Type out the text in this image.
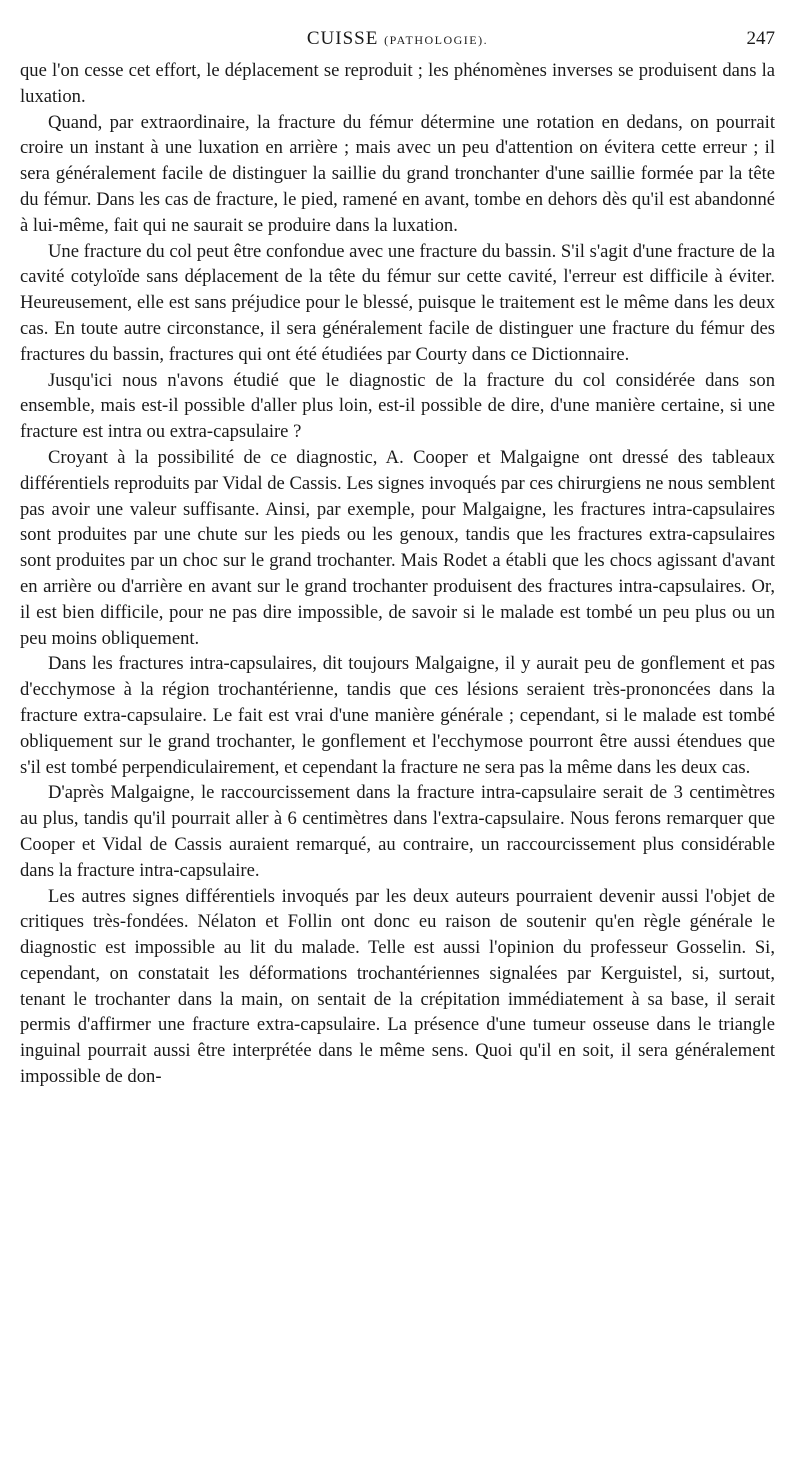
CUISSE (PATHOLOGIE).	247

que l'on cesse cet effort, le déplacement se reproduit ; les phénomènes inverses se produisent dans la luxation.

Quand, par extraordinaire, la fracture du fémur détermine une rotation en dedans, on pourrait croire un instant à une luxation en arrière ; mais avec un peu d'attention on évitera cette erreur ; il sera généralement facile de distinguer la saillie du grand tronchanter d'une saillie formée par la tête du fémur. Dans les cas de fracture, le pied, ramené en avant, tombe en dehors dès qu'il est abandonné à lui-même, fait qui ne saurait se produire dans la luxation.

Une fracture du col peut être confondue avec une fracture du bassin. S'il s'agit d'une fracture de la cavité cotyloïde sans déplacement de la tête du fémur sur cette cavité, l'erreur est difficile à éviter. Heureusement, elle est sans préjudice pour le blessé, puisque le traitement est le même dans les deux cas. En toute autre circonstance, il sera généralement facile de distinguer une fracture du fémur des fractures du bassin, fractures qui ont été étudiées par Courty dans ce Dictionnaire.

Jusqu'ici nous n'avons étudié que le diagnostic de la fracture du col considérée dans son ensemble, mais est-il possible d'aller plus loin, est-il possible de dire, d'une manière certaine, si une fracture est intra ou extra-capsulaire ?

Croyant à la possibilité de ce diagnostic, A. Cooper et Malgaigne ont dressé des tableaux différentiels reproduits par Vidal de Cassis. Les signes invoqués par ces chirurgiens ne nous semblent pas avoir une valeur suffisante. Ainsi, par exemple, pour Malgaigne, les fractures intra-capsulaires sont produites par une chute sur les pieds ou les genoux, tandis que les fractures extra-capsulaires sont produites par un choc sur le grand trochanter. Mais Rodet a établi que les chocs agissant d'avant en arrière ou d'arrière en avant sur le grand trochanter produisent des fractures intra-capsulaires. Or, il est bien difficile, pour ne pas dire impossible, de savoir si le malade est tombé un peu plus ou un peu moins obliquement.

Dans les fractures intra-capsulaires, dit toujours Malgaigne, il y aurait peu de gonflement et pas d'ecchymose à la région trochantérienne, tandis que ces lésions seraient très-prononcées dans la fracture extra-capsulaire. Le fait est vrai d'une manière générale ; cependant, si le malade est tombé obliquement sur le grand trochanter, le gonflement et l'ecchymose pourront être aussi étendues que s'il est tombé perpendiculairement, et cependant la fracture ne sera pas la même dans les deux cas.

D'après Malgaigne, le raccourcissement dans la fracture intra-capsulaire serait de 3 centimètres au plus, tandis qu'il pourrait aller à 6 centimètres dans l'extra-capsulaire. Nous ferons remarquer que Cooper et Vidal de Cassis auraient remarqué, au contraire, un raccourcissement plus considérable dans la fracture intra-capsulaire.

Les autres signes différentiels invoqués par les deux auteurs pourraient devenir aussi l'objet de critiques très-fondées. Nélaton et Follin ont donc eu raison de soutenir qu'en règle générale le diagnostic est impossible au lit du malade. Telle est aussi l'opinion du professeur Gosselin. Si, cependant, on constatait les déformations trochantériennes signalées par Kerguistel, si, surtout, tenant le trochanter dans la main, on sentait de la crépitation immédiatement à sa base, il serait permis d'affirmer une fracture extra-capsulaire. La présence d'une tumeur osseuse dans le triangle inguinal pourrait aussi être interprétée dans le même sens. Quoi qu'il en soit, il sera généralement impossible de don-
